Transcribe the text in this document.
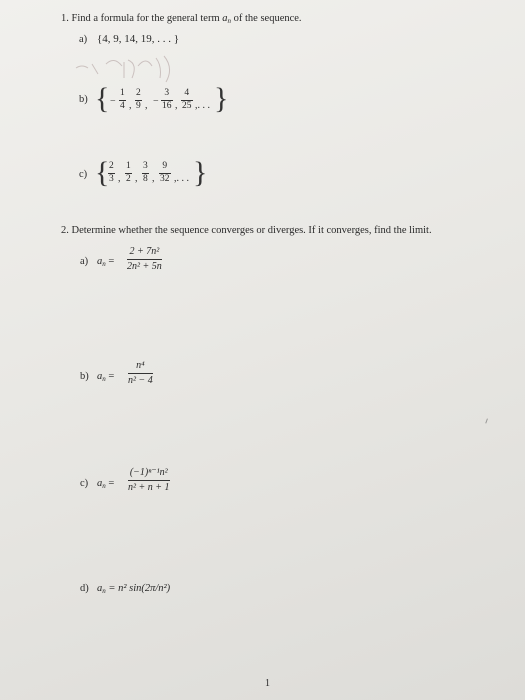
1. Find a formula for the general term $a_n$ of the sequence.
a) {4, 9, 14, 19, . . . }
b) { −
1
4 ,
2
9 , −
3
16 ,
4
25 ,. . . }
c) { 2
3 ,
1
2 ,
3
8 ,
9
32 ,. . . }
2. Determine whether the sequence converges or diverges. If it converges, find the limit.
a) $a_n$ =
2 + 7n²
2n² + 5n
b) $a_n$ =
n⁴
n² − 4
c) $a_n$ =
(−1)ⁿ⁻¹n²
n² + n + 1
d) $a_n = n^2$ sin(2π/n²)
1
